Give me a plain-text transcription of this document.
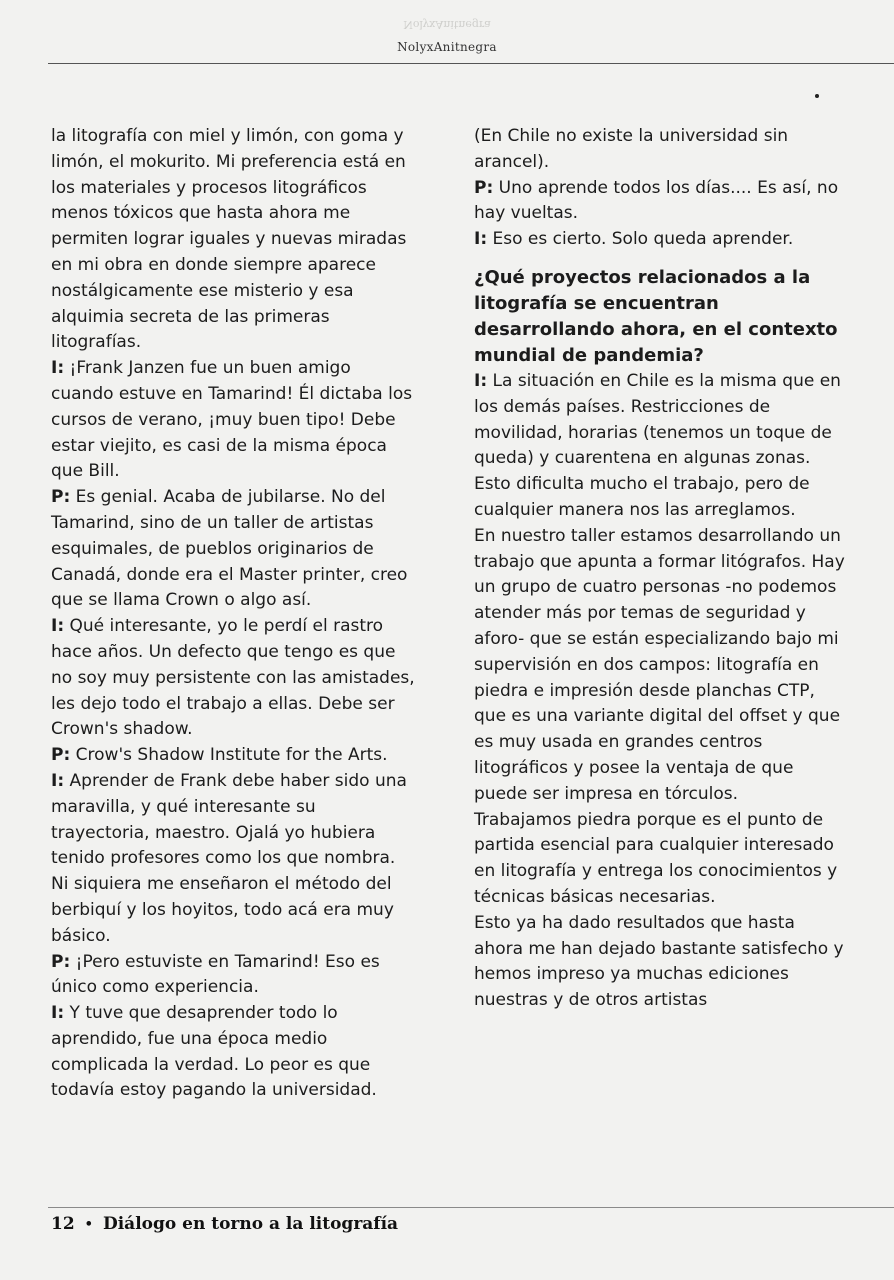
NolyxAnitnegra
NolyxAnitnegra

la litografía con miel y limón, con goma y limón, el mokurito. Mi preferencia está en los materiales y procesos litográficos menos tóxicos que hasta ahora me permiten lograr iguales y nuevas miradas en mi obra en donde siempre aparece nostálgicamente ese misterio y esa alquimia secreta de las primeras litografías.

I: ¡Frank Janzen fue un buen amigo cuando estuve en Tamarind! Él dictaba los cursos de verano, ¡muy buen tipo! Debe estar viejito, es casi de la misma época que Bill.

P: Es genial. Acaba de jubilarse. No del Tamarind, sino de un taller de artistas esquimales, de pueblos originarios de Canadá, donde era el Master printer, creo que se llama Crown o algo así.

I: Qué interesante, yo le perdí el rastro hace años. Un defecto que tengo es que no soy muy persistente con las amistades, les dejo todo el trabajo a ellas. Debe ser Crown's shadow.

P: Crow's Shadow Institute for the Arts.

I: Aprender de Frank debe haber sido una maravilla, y qué interesante su trayectoria, maestro. Ojalá yo hubiera tenido profesores como los que nombra. Ni siquiera me enseñaron el método del berbiquí y los hoyitos, todo acá era muy básico.

P: ¡Pero estuviste en Tamarind! Eso es único como experiencia.

I: Y tuve que desaprender todo lo aprendido, fue una época medio complicada la verdad. Lo peor es que todavía estoy pagando la universidad.

(En Chile no existe la universidad sin arancel).

P: Uno aprende todos los días.... Es así, no hay vueltas.

I: Eso es cierto. Solo queda aprender.

¿Qué proyectos relacionados a la litografía se encuentran desarrollando ahora, en el contexto mundial de pandemia?

I: La situación en Chile es la misma que en los demás países. Restricciones de movilidad, horarias (tenemos un toque de queda) y cuarentena en algunas zonas. Esto dificulta mucho el trabajo, pero de cualquier manera nos las arreglamos.

En nuestro taller estamos desarrollando un trabajo que apunta a formar litógrafos. Hay un grupo de cuatro personas -no podemos atender más por temas de seguridad y aforo- que se están especializando bajo mi supervisión en dos campos: litografía en piedra e impresión desde planchas CTP, que es una variante digital del offset y que es muy usada en grandes centros litográficos y posee la ventaja de que puede ser impresa en tórculos.

Trabajamos piedra porque es el punto de partida esencial para cualquier interesado en litografía y entrega los conocimientos y técnicas básicas necesarias.

Esto ya ha dado resultados que hasta ahora me han dejado bastante satisfecho y hemos impreso ya muchas ediciones nuestras y de otros artistas

12 • Diálogo en torno a la litografía
